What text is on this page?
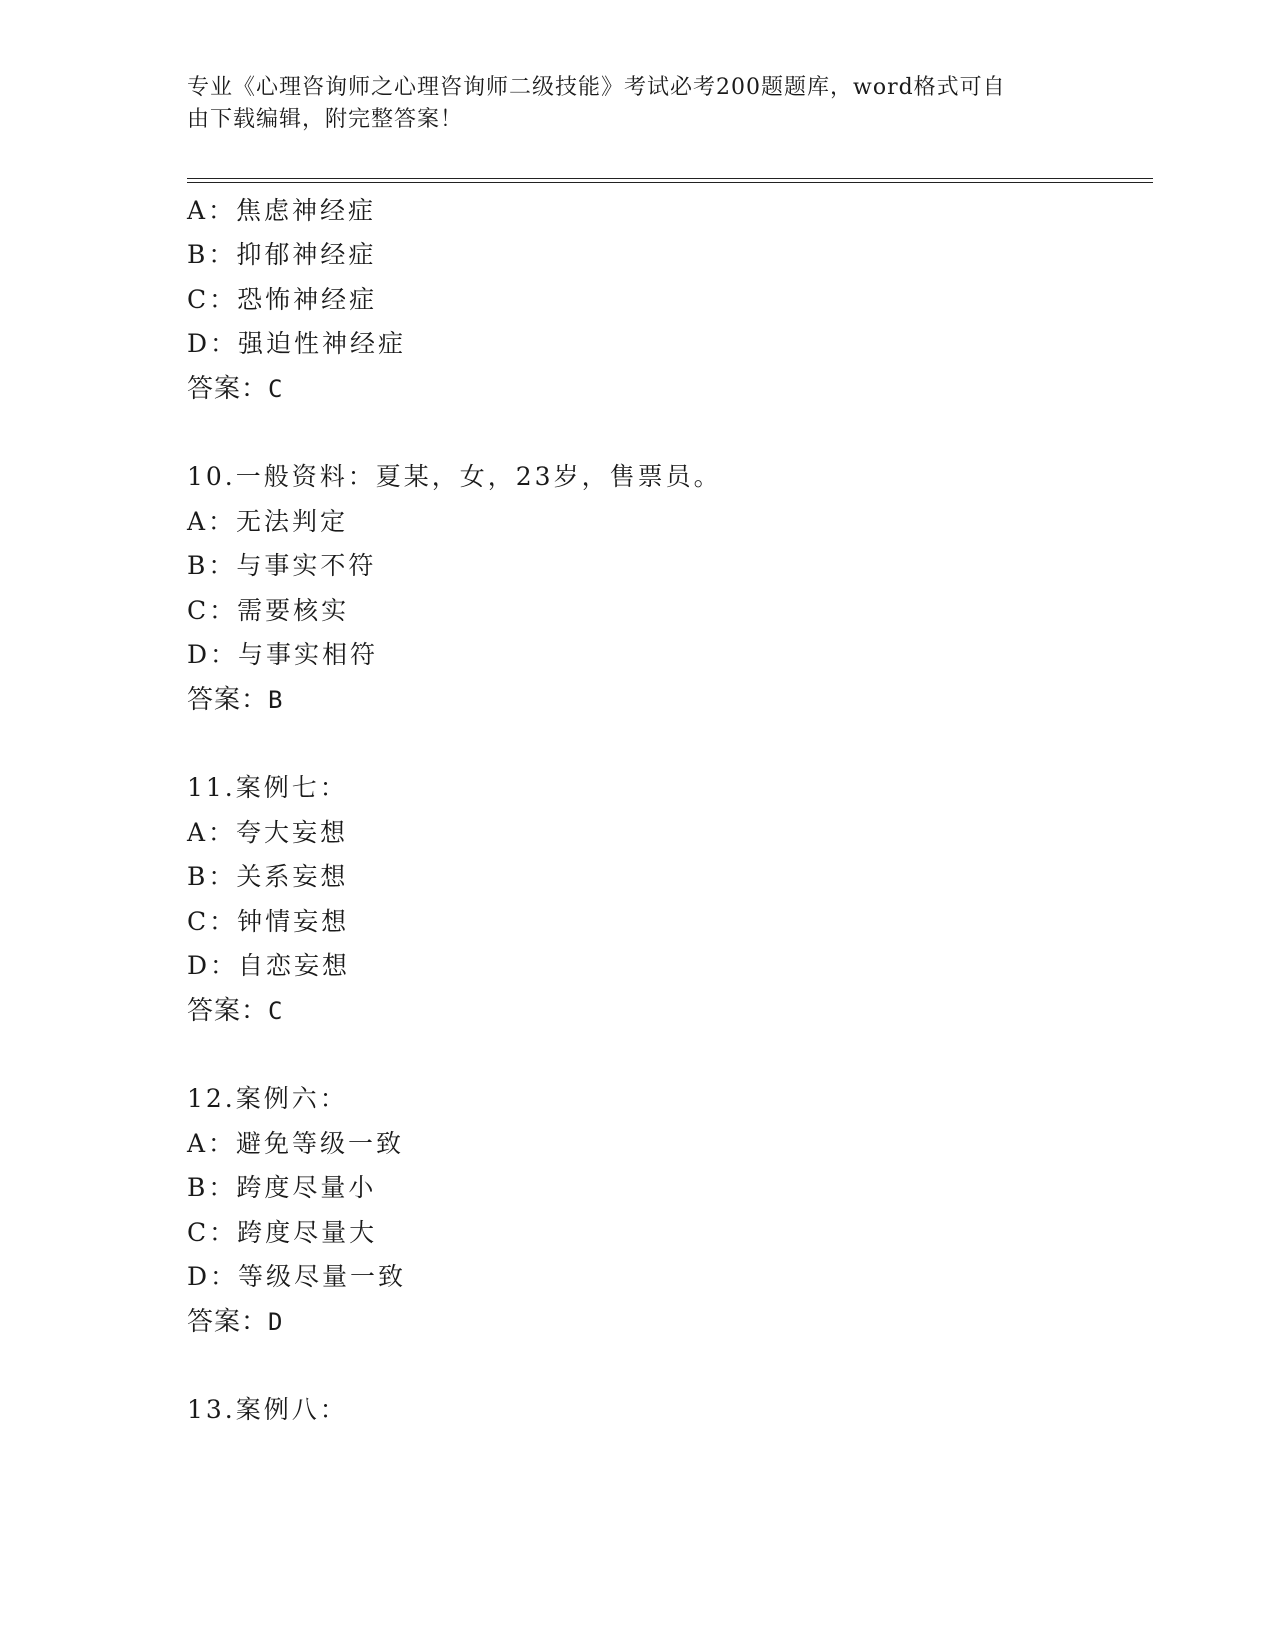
专业《心理咨询师之心理咨询师二级技能》考试必考200题题库，word格式可自
由下载编辑，附完整答案！
A：焦虑神经症
B：抑郁神经症
C：恐怖神经症
D：强迫性神经症
答案：C
10.一般资料：夏某，女，23岁，售票员。
A：无法判定
B：与事实不符
C：需要核实
D：与事实相符
答案：B
11.案例七：
A：夸大妄想
B：关系妄想
C：钟情妄想
D：自恋妄想
答案：C
12.案例六：
A：避免等级一致
B：跨度尽量小
C：跨度尽量大
D：等级尽量一致
答案：D
13.案例八：
